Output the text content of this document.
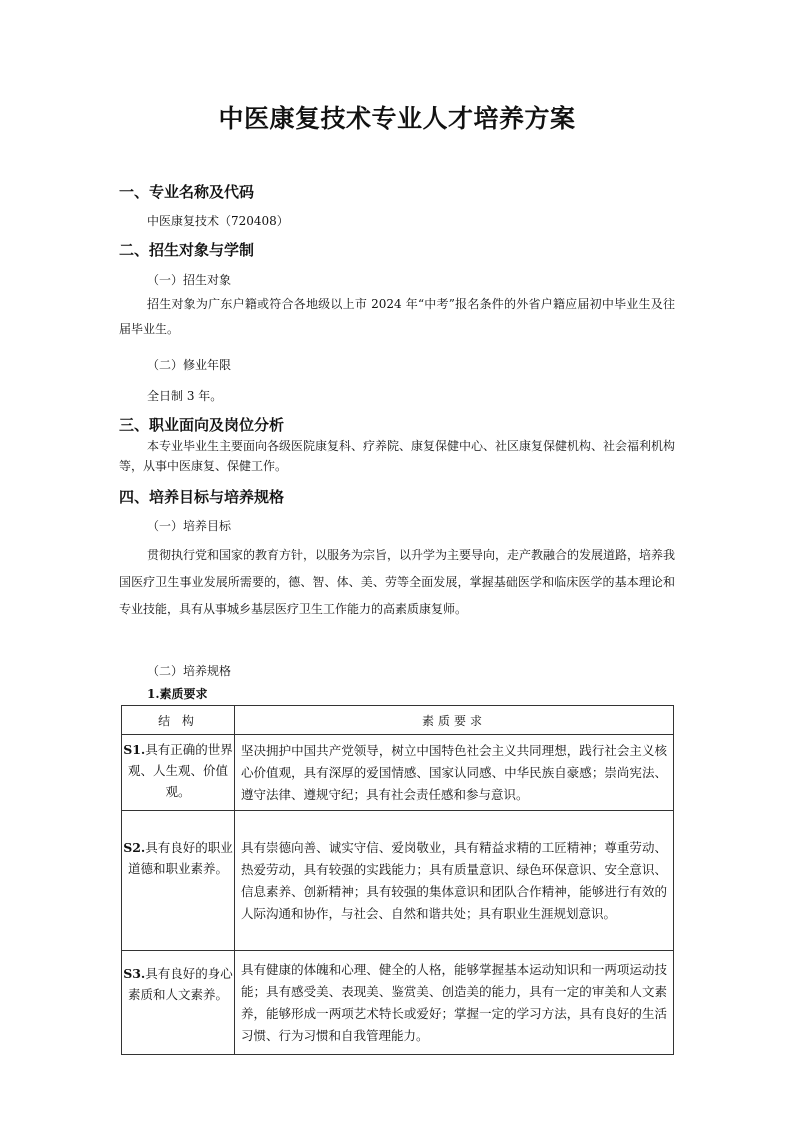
中医康复技术专业人才培养方案
一、专业名称及代码
中医康复技术（720408）
二、招生对象与学制
（一）招生对象
招生对象为广东户籍或符合各地级以上市 2024 年“中考”报名条件的外省户籍应届初中毕业生及往届毕业生。
（二）修业年限
全日制 3 年。
三、职业面向及岗位分析
本专业毕业生主要面向各级医院康复科、疗养院、康复保健中心、社区康复保健机构、社会福利机构等，从事中医康复、保健工作。
四、培养目标与培养规格
（一）培养目标
贯彻执行党和国家的教育方针，以服务为宗旨，以升学为主要导向，走产教融合的发展道路，培养我国医疗卫生事业发展所需要的，德、智、体、美、劳等全面发展，掌握基础医学和临床医学的基本理论和专业技能，具有从事城乡基层医疗卫生工作能力的高素质康复师。
（二）培养规格
1.素质要求
结 构	素质要求
S1.具有正确的世界观、人生观、价值观。	坚决拥护中国共产党领导，树立中国特色社会主义共同理想，践行社会主义核心价值观，具有深厚的爱国情感、国家认同感、中华民族自豪感；崇尚宪法、遵守法律、遵规守纪；具有社会责任感和参与意识。
S2.具有良好的职业道德和职业素养。	具有崇德向善、诚实守信、爱岗敬业，具有精益求精的工匠精神；尊重劳动、热爱劳动，具有较强的实践能力；具有质量意识、绿色环保意识、安全意识、信息素养、创新精神；具有较强的集体意识和团队合作精神，能够进行有效的人际沟通和协作，与社会、自然和谐共处；具有职业生涯规划意识。
S3.具有良好的身心素质和人文素养。	具有健康的体魄和心理、健全的人格，能够掌握基本运动知识和一两项运动技能；具有感受美、表现美、鉴赏美、创造美的能力，具有一定的审美和人文素养，能够形成一两项艺术特长或爱好；掌握一定的学习方法，具有良好的生活习惯、行为习惯和自我管理能力。
